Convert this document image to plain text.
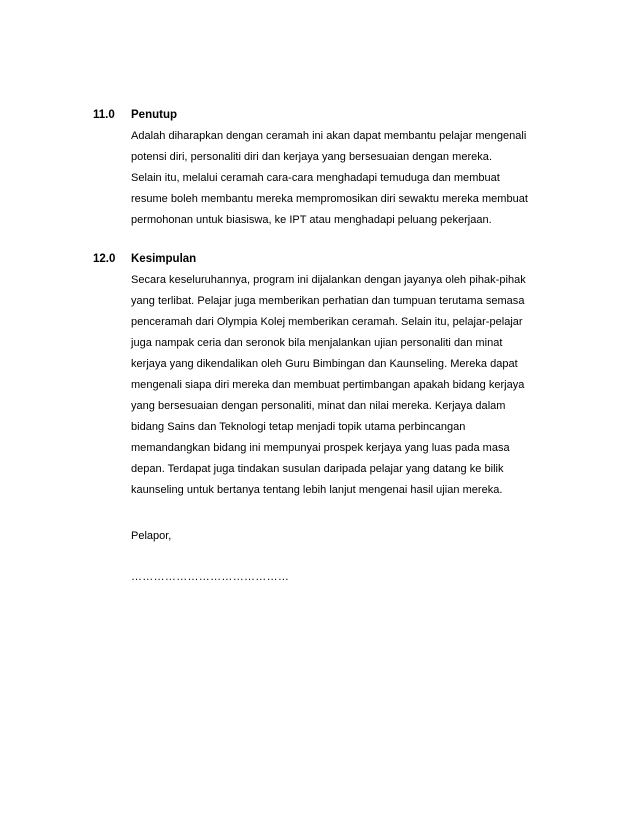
11.0 Penutup
Adalah diharapkan dengan ceramah ini akan dapat membantu pelajar mengenali
potensi diri, personaliti diri dan kerjaya yang bersesuaian dengan mereka.
Selain itu, melalui ceramah cara-cara menghadapi temuduga dan membuat
resume boleh membantu mereka mempromosikan diri sewaktu mereka membuat
permohonan untuk biasiswa, ke IPT atau menghadapi peluang pekerjaan.
12.0 Kesimpulan
Secara keseluruhannya, program ini dijalankan dengan jayanya oleh pihak-pihak
yang terlibat. Pelajar juga memberikan perhatian dan tumpuan terutama semasa
penceramah dari Olympia Kolej memberikan ceramah. Selain itu, pelajar-pelajar
juga nampak ceria dan seronok bila menjalankan ujian personaliti dan minat
kerjaya yang dikendalikan oleh Guru Bimbingan dan Kaunseling. Mereka dapat
mengenali siapa diri mereka dan membuat pertimbangan apakah bidang kerjaya
yang bersesuaian dengan personaliti, minat dan nilai mereka. Kerjaya dalam
bidang Sains dan Teknologi tetap menjadi topik utama perbincangan
memandangkan bidang ini mempunyai prospek kerjaya yang luas pada masa
depan. Terdapat juga tindakan susulan daripada pelajar yang datang ke bilik
kaunseling untuk bertanya tentang lebih lanjut mengenai hasil ujian mereka.
Pelapor,
……………………………………
